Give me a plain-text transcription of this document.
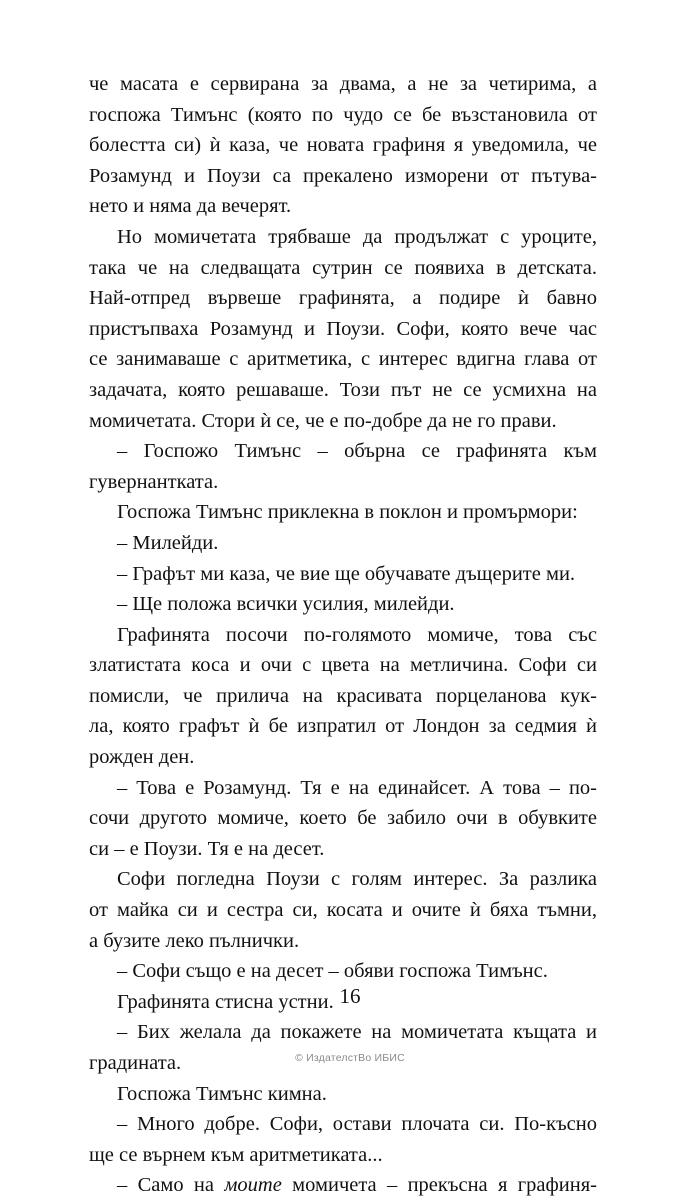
че масата е сервирана за двама, а не за четирима, а
госпожа Тимънс (която по чудо се бе възстановила от
болестта си) ѝ каза, че новата графиня я уведомила, че
Розамунд и Поузи са прекалено изморени от пътува-
нето и няма да вечерят.
Но момичетата трябваше да продължат с уроците,
така че на следващата сутрин се появиха в детската.
Най-отпред вървеше графинята, а подире ѝ бавно
пристъпваха Розамунд и Поузи. Софи, която вече час
се занимаваше с аритметика, с интерес вдигна глава от
задачата, която решаваше. Този път не се усмихна на
момичетата. Стори ѝ се, че е по-добре да не го прави.
– Госпожо Тимънс – обърна се графинята към
гувернантката.
Госпожа Тимънс приклекна в поклон и промърмори:
– Милейди.
– Графът ми каза, че вие ще обучавате дъщерите ми.
– Ще положа всички усилия, милейди.
Графинята посочи по-голямото момиче, това със
златистата коса и очи с цвета на метличина. Софи си
помисли, че прилича на красивата порцеланова кук-
ла, която графът ѝ бе изпратил от Лондон за седмия ѝ
рожден ден.
– Това е Розамунд. Тя е на единайсет. А това – по-
сочи другото момиче, което бе забило очи в обувките
си – е Поузи. Тя е на десет.
Софи погледна Поузи с голям интерес. За разлика
от майка си и сестра си, косата и очите ѝ бяха тъмни,
а бузите леко пълнички.
– Софи също е на десет – обяви госпожа Тимънс.
Графинята стисна устни.
– Бих желала да покажете на момичетата къщата и
градината.
Госпожа Тимънс кимна.
– Много добре. Софи, остави плочата си. По-късно
ще се върнем към аритметиката...
– Само на моите момичета – прекъсна я графиня-
16
© ИздателстВо ИБИС
